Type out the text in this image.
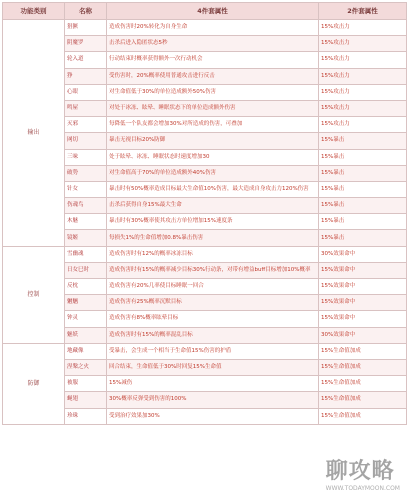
功能类别	名称	4件套属性	2件套属性
输出	猖獗	造成伤害时20%转化为自身生命	15%攻击力
	阴魔罗	击杀后进入隐匿状态5秒	15%攻击力
	轮入道	行动结束时概率获得额外一次行动机会	15%攻击力
	狰	受伤害时，20%概率使用普通攻击进行反击	15%攻击力
	心眼	对生命值低于30%的单位造成额外50%伤害	15%攻击力
	鸣屋	对处于冰冻、眩晕、睡眠状态下的单位造成额外伤害	15%攻击力
	灭邪	每降低一个队友都会增加30%对所造成的伤害，可叠加	15%攻击力
	网切	暴击无视目标20%防御	15%暴击
	三味	处于眩晕、冰冻、睡眠状态时速度增加30	15%暴击
	破势	对生命值高于70%的单位造成额外40%伤害	15%暴击
	针女	暴击时有50%概率造成目标最大生命值10%伤害，最大造成自身攻击力120%伤害	15%暴击
	伤魂鸟	击杀后获得自身15%最大生命	15%暴击
	木魅	暴击时有30%概率使其攻击方单位增加15%速度条	15%暴击
	镜姬	每损失1%的生命值增加0.8%暴击伤害	15%暴击
控制	雪幽魂	造成伤害时有12%的概率冰冻目标	30%效果命中
	日女巳时	造成伤害时有15%的概率减少目标30%行动条，对带有增益buff目标增加10%概率	15%效果命中
	反枕	造成伤害有20%几率使目标睡眠一回合	15%效果命中
	魍魉	造成伤害有25%概率沉默目标	15%效果命中
	钟灵	造成伤害有8%概率眩晕目标	15%效果命中
	魅妖	造成伤害时有15%的概率混乱目标	30%效果命中
防御	地藏像	受暴击，会生成一个相当于生命值15%伤害的护盾	15%生命值加成
	涅槃之火	回合结束，生命值低于30%时回复15%生命值	15%生命值加成
	被服	15%减伤	15%生命值加成
	蝇翅	30%概率反弹受到伤害的100%	15%生命值加成
	珍珠	受到治疗效果加30%	15%生命值加成
聊攻略
WWW.TODAYMOON.COM
